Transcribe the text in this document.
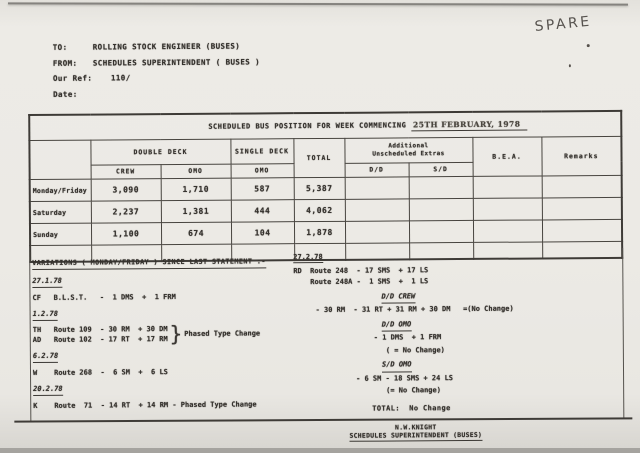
SPARE
TO:	ROLLING STOCK ENGINEER (BUSES)
FROM: SCHEDULES SUPERINTENDENT ( BUSES )
Our Ref: 110/
Date:
SCHEDULED BUS POSITION FOR WEEK COMMENCING 25TH FEBRUARY, 1978								
	DOUBLE DECK		SINGLE DECK	TOTAL	Additional
Unscheduled Extras		B.E.A.	Remarks
	CREW	OMO	OMO		D/D	S/D		
Monday/Friday	3,090	1,710	587	5,387				
Saturday	2,237	1,381	444	4,062				
Sunday	1,100	674	104	1,878				

VARIATIONS ( MONDAY/FRIDAY ) SINCE LAST STATEMENT :-
27.1.78
CF   B.L.S.T.   -  1 DMS  +  1 FRM
1.2.78
TH   Route 109  - 30 RM  + 30 DM
AD   Route 102  - 17 RT  + 17 RM } Phased Type Change
6.2.78
W    Route 268  -  6 SM  +  6 LS
20.2.78
K    Route  71  - 14 RT  + 14 RM - Phased Type Change
27.2.78
RD  Route 248  - 17 SMS  + 17 LS
Route 248A -  1 SMS  +  1 LS
D/D CREW
- 30 RM  - 31 RT + 31 RM + 30 DM   =(No Change)
D/D OMO
- 1 DMS  + 1 FRM
( = No Change)
S/D OMO
- 6 SM - 18 SMS + 24 LS
(= No Change)
TOTAL:  No Change
N.W.KNIGHT
SCHEDULES SUPERINTENDENT (BUSES)
